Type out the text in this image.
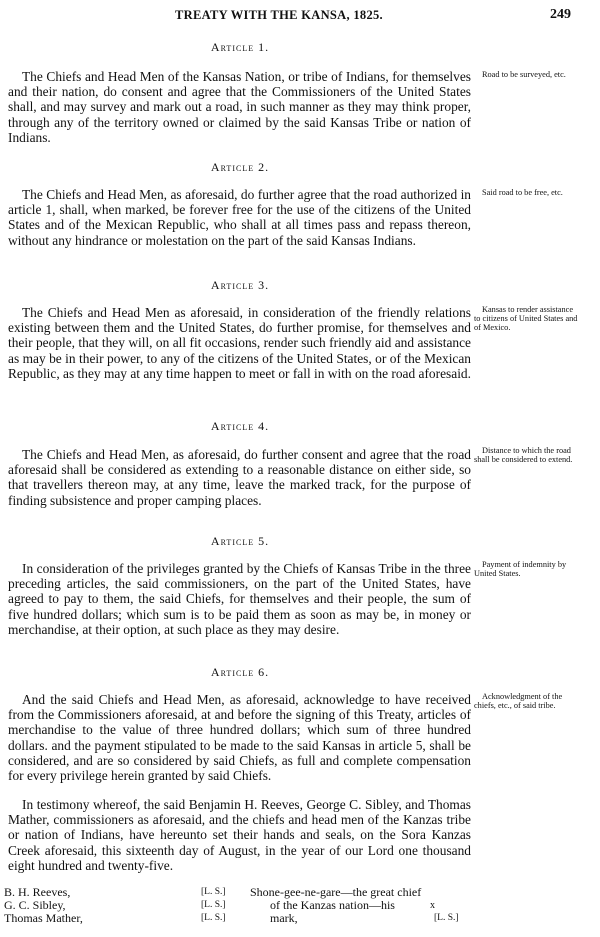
TREATY WITH THE KANSA, 1825.	249
Article 1.

The Chiefs and Head Men of the Kansas Nation, or tribe of Indians, for themselves and their nation, do consent and agree that the Commissioners of the United States shall, and may survey and mark out a road, in such manner as they may think proper, through any of the territory owned or claimed by the said Kansas Tribe or nation of Indians.

Road to be surveyed, etc.
Article 2.

The Chiefs and Head Men, as aforesaid, do further agree that the road authorized in article 1, shall, when marked, be forever free for the use of the citizens of the United States and of the Mexican Republic, who shall at all times pass and repass thereon, without any hindrance or molestation on the part of the said Kansas Indians.

Said road to be free, etc.
Article 3.

The Chiefs and Head Men as aforesaid, in consideration of the friendly relations existing between them and the United States, do further promise, for themselves and their people, that they will, on all fit occasions, render such friendly aid and assistance as may be in their power, to any of the citizens of the United States, or of the Mexican Republic, as they may at any time happen to meet or fall in with on the road aforesaid.

Kansas to render assistance to citizens of United States and of Mexico.
Article 4.

The Chiefs and Head Men, as aforesaid, do further consent and agree that the road aforesaid shall be considered as extending to a reasonable distance on either side, so that travellers thereon may, at any time, leave the marked track, for the purpose of finding subsistence and proper camping places.

Distance to which the road shall be considered to extend.
Article 5.

In consideration of the privileges granted by the Chiefs of Kansas Tribe in the three preceding articles, the said commissioners, on the part of the United States, have agreed to pay to them, the said Chiefs, for themselves and their people, the sum of five hundred dollars; which sum is to be paid them as soon as may be, in money or merchandise, at their option, at such place as they may desire.

Payment of indemnity by United States.
Article 6.

And the said Chiefs and Head Men, as aforesaid, acknowledge to have received from the Commissioners aforesaid, at and before the signing of this Treaty, articles of merchandise to the value of three hundred dollars; which sum of three hundred dollars. and the payment stipulated to be made to the said Kansas in article 5, shall be considered, and are so considered by said Chiefs, as full and complete compensation for every privilege herein granted by said Chiefs.

Acknowledgment of the chiefs, etc., of said tribe.

In testimony whereof, the said Benjamin H. Reeves, George C. Sibley, and Thomas Mather, commissioners as aforesaid, and the chiefs and head men of the Kanzas tribe or nation of Indians, have hereunto set their hands and seals, on the Sora Kanzas Creek aforesaid, this sixteenth day of August, in the year of our Lord one thousand eight hundred and twenty-five.

B. H. Reeves,	[L. S.] Shone-gee-ne-gare—the great chief
G. C. Sibley,	[L. S.]	of the Kanzas nation—his	x
Thomas Mather,	[L. S.]	mark,	[L. S.]
